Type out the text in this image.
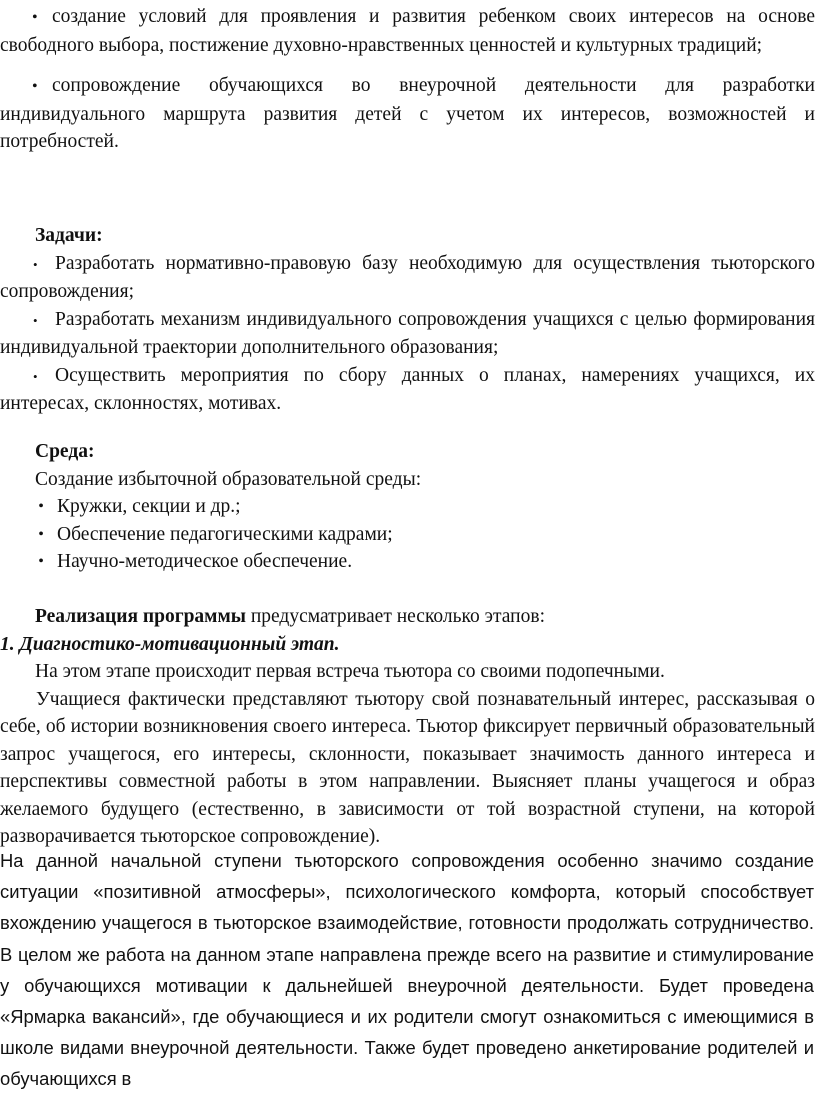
• создание условий для проявления и развития ребенком своих интересов на основе свободного выбора, постижение духовно-нравственных ценностей и культурных традиций;

• сопровождение обучающихся во внеурочной деятельности для разработки индивидуального маршрута развития детей с учетом их интересов, возможностей и потребностей.

Задачи:

• Разработать нормативно-правовую базу необходимую для осуществления тьюторского сопровождения;

• Разработать механизм индивидуального сопровождения учащихся с целью формирования индивидуальной траектории дополнительного образования;

• Осуществить мероприятия по сбору данных о планах, намерениях учащихся, их интересах, склонностях, мотивах.

Среда:

Создание избыточной образовательной среды:

• Кружки, секции и др.;
• Обеспечение педагогическими кадрами;
• Научно-методическое обеспечение.

Реализация программы предусматривает несколько этапов:

1. Диагностико-мотивационный этап.

На этом этапе происходит первая встреча тьютора со своими подопечными.

Учащиеся фактически представляют тьютору свой познавательный интерес, рассказывая о себе, об истории возникновения своего интереса. Тьютор фиксирует первичный образовательный запрос учащегося, его интересы, склонности, показывает значимость данного интереса и перспективы совместной работы в этом направлении. Выясняет планы учащегося и образ желаемого будущего (естественно, в зависимости от той возрастной ступени, на которой разворачивается тьюторское сопровождение).

На данной начальной ступени тьюторского сопровождения особенно значимо создание ситуации «позитивной атмосферы», психологического комфорта, который способствует вхождению учащегося в тьюторское взаимодействие, готовности продолжать сотрудничество. В целом же работа на данном этапе направлена прежде всего на развитие и стимулирование у обучающихся мотивации к дальнейшей внеурочной деятельности. Будет проведена «Ярмарка вакансий», где обучающиеся и их родители смогут ознакомиться с имеющимися в школе видами внеурочной деятельности. Также будет проведено анкетирование родителей и обучающихся в
